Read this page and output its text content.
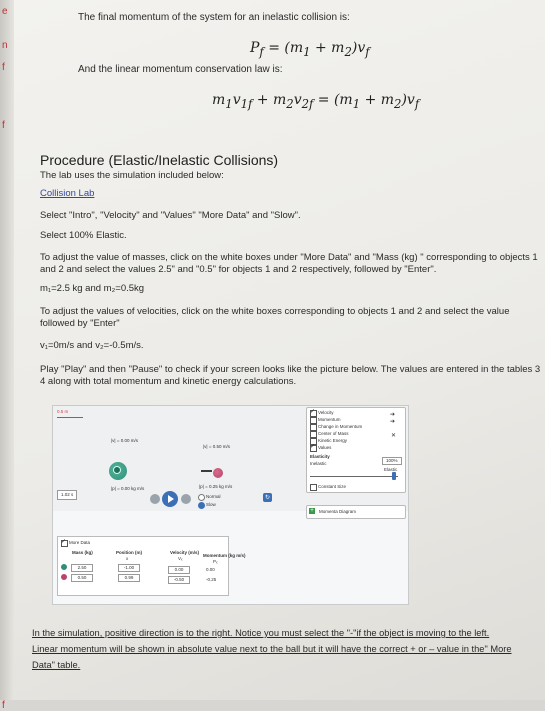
e
n
f
f
f
The final momentum of the system for an inelastic collision is:
$P_f = (m_1 + m_2)v_f$
And the linear momentum conservation law is:
$m_1v_{1f} + m_2v_{2f} = (m_1 + m_2)v_f$
Procedure (Elastic/Inelastic Collisions)
The lab uses the simulation included below:
Collision Lab
Select "Intro", "Velocity" and "Values" "More Data" and "Slow".
Select 100% Elastic.
To adjust the value of masses, click on the white boxes under "More Data" and "Mass (kg) " corresponding to objects 1
and 2 and select the values 2.5" and "0.5" for objects 1 and 2 respectively, followed by "Enter".
m₁=2.5 kg and m₂=0.5kg
To adjust the values of velocities, click on the white boxes corresponding to objects 1 and 2 and select the value
followed by "Enter"
v₁=0m/s and v₂=-0.5m/s.
Play "Play" and then "Pause" to check if your screen looks like the picture below. The values are entered in the tables 3
4 along with total momentum and kinetic energy calculations.
0.5 m
|v| = 0.00 m/s
|v| = 0.50 m/s
|p| = 0.00 kg m/s	|p| = 0.25 kg m/s
1.02 s	Normal
Slow
↻
✓
More Data
Mass (kg)	Position (m)	Velocity (m/s)
Momentum (kg m/s)
x	Vₓ
Pₓ
2.50	-1.00	0.00	0.00
0.50	0.99	-0.50	-0.25
✓
Velocity
Momentum
Change in Momentum
Center of Mass
Kinetic Energy
✓
Values
➔
➔
✕
Elasticity
100%
Inelastic
Elastic
Constant Size
+ Momenta Diagram
In the simulation, positive direction is to the right. Notice you must select the "-"if the object is moving to the left.
Linear momentum will be shown in absolute value next to the ball but it will have the correct + or – value in the" More
Data" table.
